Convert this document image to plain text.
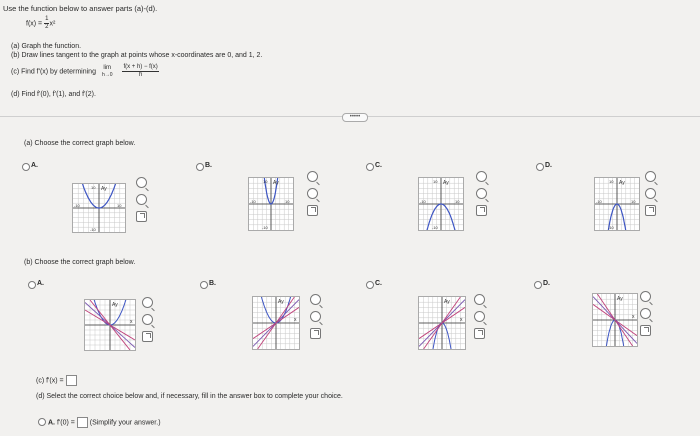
Use the function below to answer parts (a)-(d).
$f(x) = \frac{1}{2} x^2$
(a) Graph the function.
(b) Draw lines tangent to the graph at points whose x-coordinates are 0, and 1, 2.
(c) Find f'(x) by determining
lim
h→0
$\frac{f(x + h) - f(x)}{h}$
(d) Find f'(0), f'(1), and f'(2).
•••••
(a) Choose the correct graph below.
A.
Ay
-10	10
10
-10
B.
Ay
-10	10
10
-10
C.
Ay
-10	10
10
-10
D.
Ay
-10	10
10
-10
(b) Choose the correct graph below.
A.
Ay
x
B.
Ay
x
C.
Ay
x
D.
Ay
x
(c) f'(x) =
(d) Select the correct choice below and, if necessary, fill in the answer box to complete your choice.
A. f'(0) = (Simplify your answer.)
